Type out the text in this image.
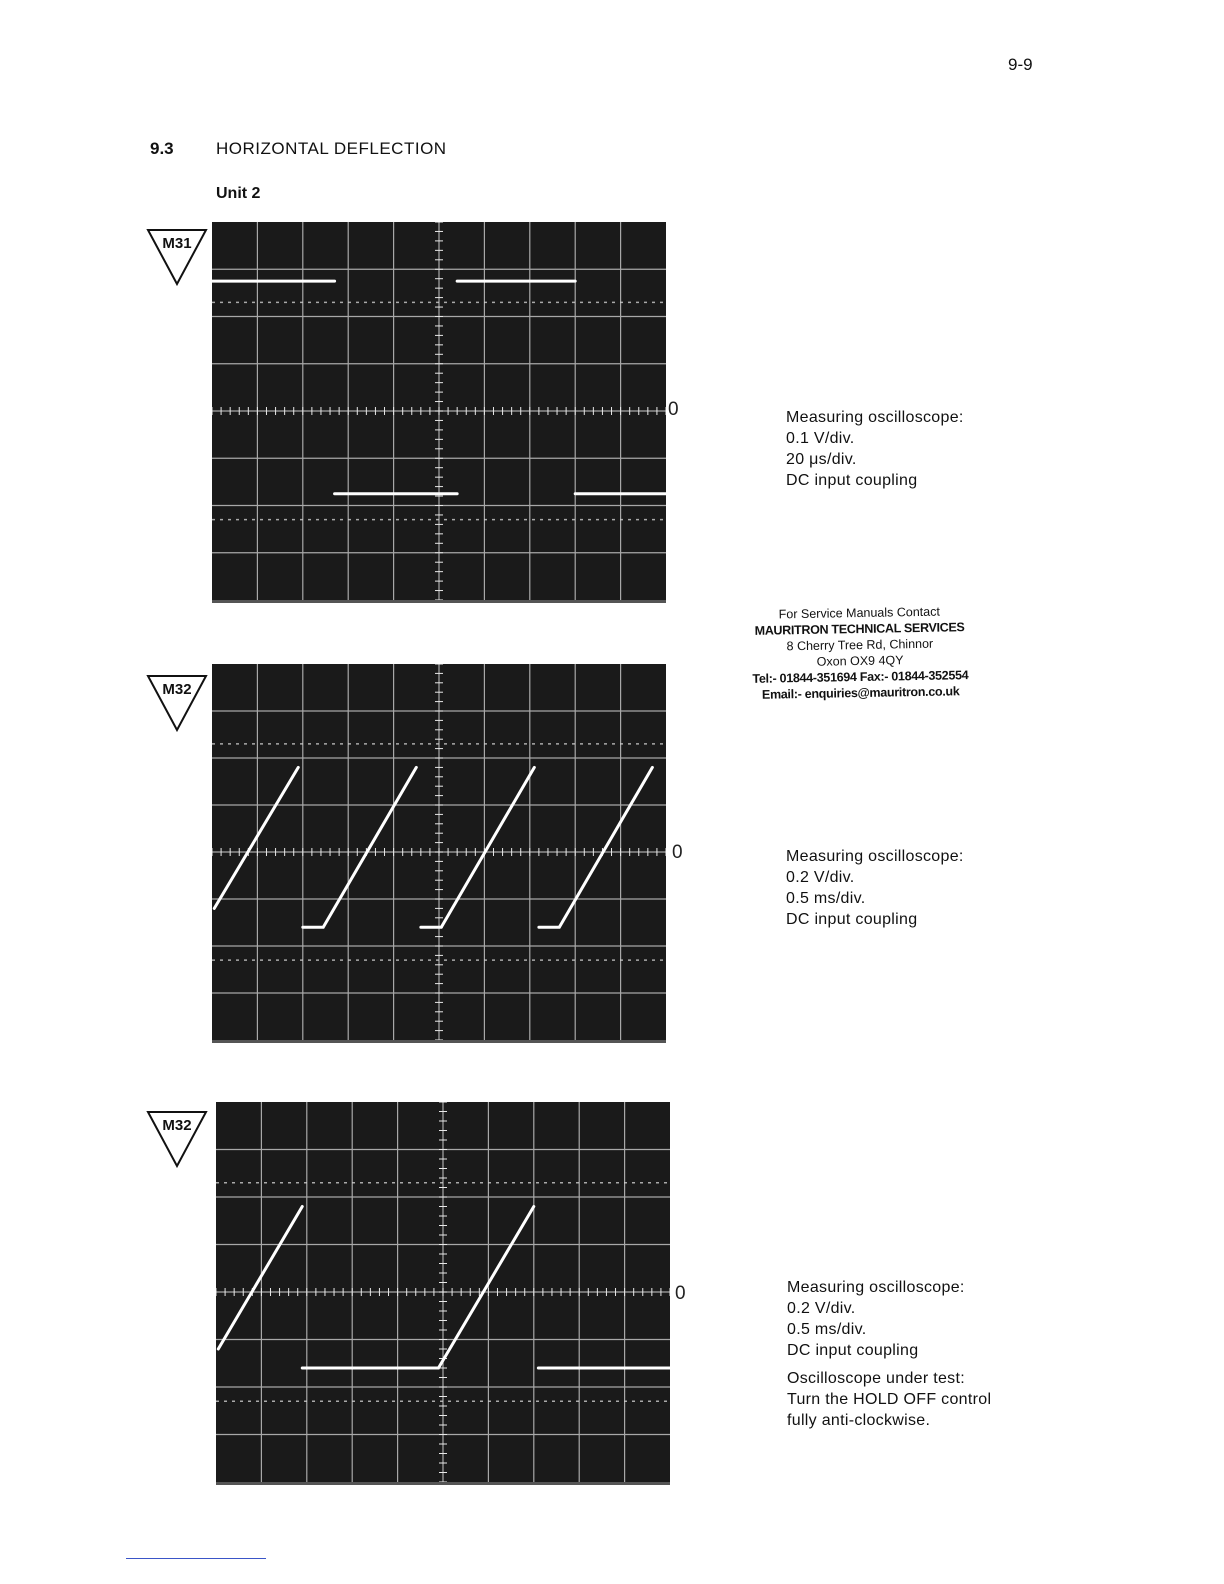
9-9
9.3 HORIZONTAL DEFLECTION
Unit 2
M31
0	Measuring oscilloscope:
0.1 V/div.
20 μs/div.
DC input coupling
For Service Manuals Contact
MAURITRON TECHNICAL SERVICES
8 Cherry Tree Rd, Chinnor
Oxon OX9 4QY
Tel:- 01844-351694 Fax:- 01844-352554
Email:- enquiries@mauritron.co.uk
M32
0	Measuring oscilloscope:
0.2 V/div.
0.5 ms/div.
DC input coupling
M32
0	Measuring oscilloscope:
0.2 V/div.
0.5 ms/div.
DC input coupling
Oscilloscope under test:
Turn the HOLD OFF control
fully anti-clockwise.
